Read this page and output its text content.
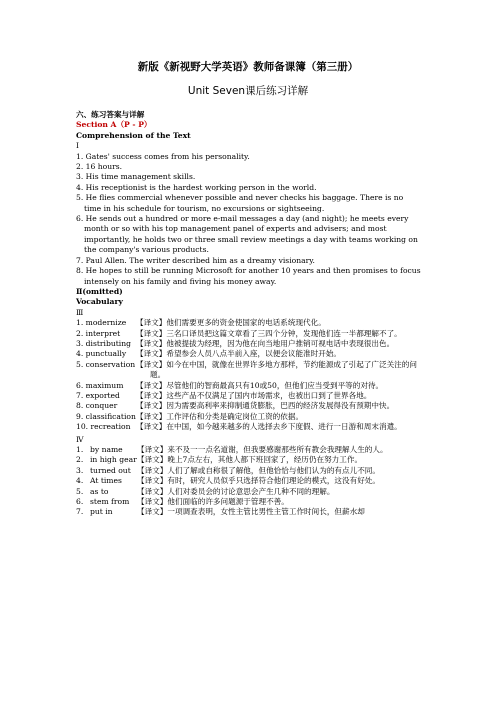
新版《新视野大学英语》教师备课簿（第三册）
Unit Seven课后练习详解
六、练习答案与详解
Section A（P - P）
Comprehension of the Text
Ⅰ
1. Gates' success comes from his personality.
2. 16 hours.
3. His time management skills.
4. His receptionist is the hardest working person in the world.
5. He flies commercial whenever possible and never checks his baggage. There is no time in his schedule for tourism, no excursions or sightseeing.
6. He sends out a hundred or more e-mail messages a day (and night); he meets every month or so with his top management panel of experts and advisers; and most importantly, he holds two or three small review meetings a day with teams working on the company's various products.
7. Paul Allen. The writer described him as a dreamy visionary.
8. He hopes to still be running Microsoft for another 10 years and then promises to focus intensely on his family and fiving his money away.
Ⅱ(omitted)
Vocabulary
Ⅲ
1. modernize	【译文】他们需要更多的资金使国家的电话系统现代化。
2. interpret	【译文】三名口译员把这篇文章看了三四个分钟，发现他们连一半都理解不了。
3. distributing 【译文】他被提拔为经理，因为他在向当地用户推销可视电话中表现很出色。
4. punctually	【译文】希望参会人员八点半前入座，以便会议能准时开始。
5. conservation 【译文】如今在中国，就像在世界许多地方那样，节约能源成了引起了广泛关注的问题。
6. maximum	【译文】尽管他们的智商最高只有10或50，但他们应当受到平等的对待。
7. exported	【译文】这些产品不仅满足了国内市场需求，也被出口到了世界各地。
8. conquer	【译文】因为需要高利率来抑制通货膨胀，巴西的经济发展得没有预期中快。
9. classification 【译文】工作评估和分类是确定岗位工资的依据。
10. recreation 【译文】在中国，如今越来越多的人选择去乡下度假、进行一日游和周末消遣。
Ⅳ
1. by name	【译文】来不及一一点名道谢，但我要感谢那些所有教会我理解人生的人。
2. in high gear 【译文】晚上7点左右，其他人都下班回家了，经历仍在努力工作。
3. turned out 【译文】人们了解或自称很了解他，但他恰恰与他们认为的有点儿不同。
4. At times	【译文】有时，研究人员似乎只选择符合他们理论的模式，这没有好处。
5. as to	【译文】人们对委员会的讨论意思会产生几种不同的理解。
6. stem from	【译文】他们面临的许多问题源于管理不善。
7. put in	【译文】一项调查表明，女性主管比男性主管工作时间长，但薪水却
